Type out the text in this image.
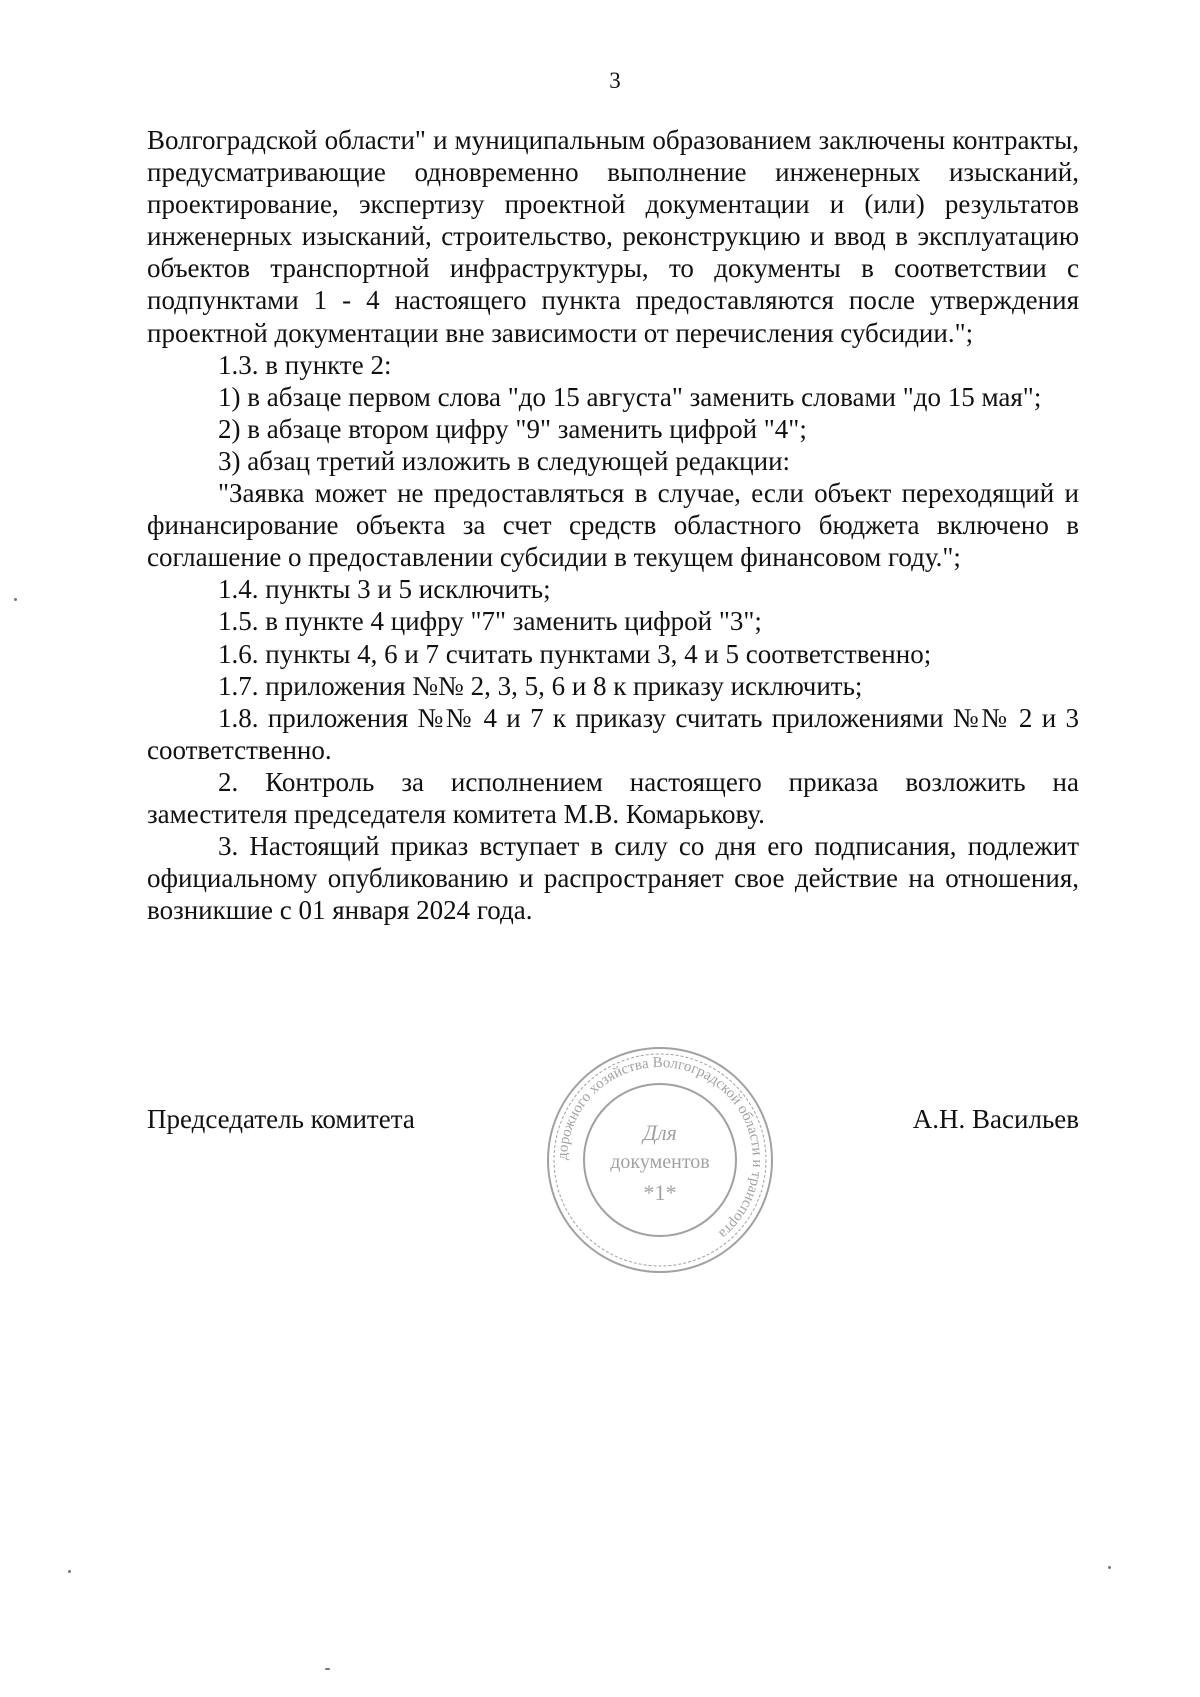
3

Волгоградской области" и муниципальным образованием заключены контракты, предусматривающие одновременно выполнение инженерных изысканий, проектирование, экспертизу проектной документации и (или) результатов инженерных изысканий, строительство, реконструкцию и ввод в эксплуатацию объектов транспортной инфраструктуры, то документы в соответствии с подпунктами 1 - 4 настоящего пункта предоставляются после утверждения проектной документации вне зависимости от перечисления субсидии.";

1.3. в пункте 2:

1) в абзаце первом слова "до 15 августа" заменить словами "до 15 мая";

2) в абзаце втором цифру "9" заменить цифрой "4";

3) абзац третий изложить в следующей редакции:

"Заявка может не предоставляться в случае, если объект переходящий и финансирование объекта за счет средств областного бюджета включено в соглашение о предоставлении субсидии в текущем финансовом году.";

1.4. пункты 3 и 5 исключить;

1.5. в пункте 4 цифру "7" заменить цифрой "3";

1.6. пункты 4, 6 и 7 считать пунктами 3, 4 и 5 соответственно;

1.7. приложения №№ 2, 3, 5, 6 и 8 к приказу исключить;

1.8. приложения №№ 4 и 7 к приказу считать приложениями №№ 2 и 3 соответственно.

2. Контроль за исполнением настоящего приказа возложить на заместителя председателя комитета М.В. Комарькову.

3. Настоящий приказ вступает в силу со дня его подписания, подлежит официальному опубликованию и распространяет свое действие на отношения, возникшие с 01 января 2024 года.

Председатель комитета	А.Н. Васильев

дорожного хозяйства Волгоградской области и транспорта
Для
документов
*1*
